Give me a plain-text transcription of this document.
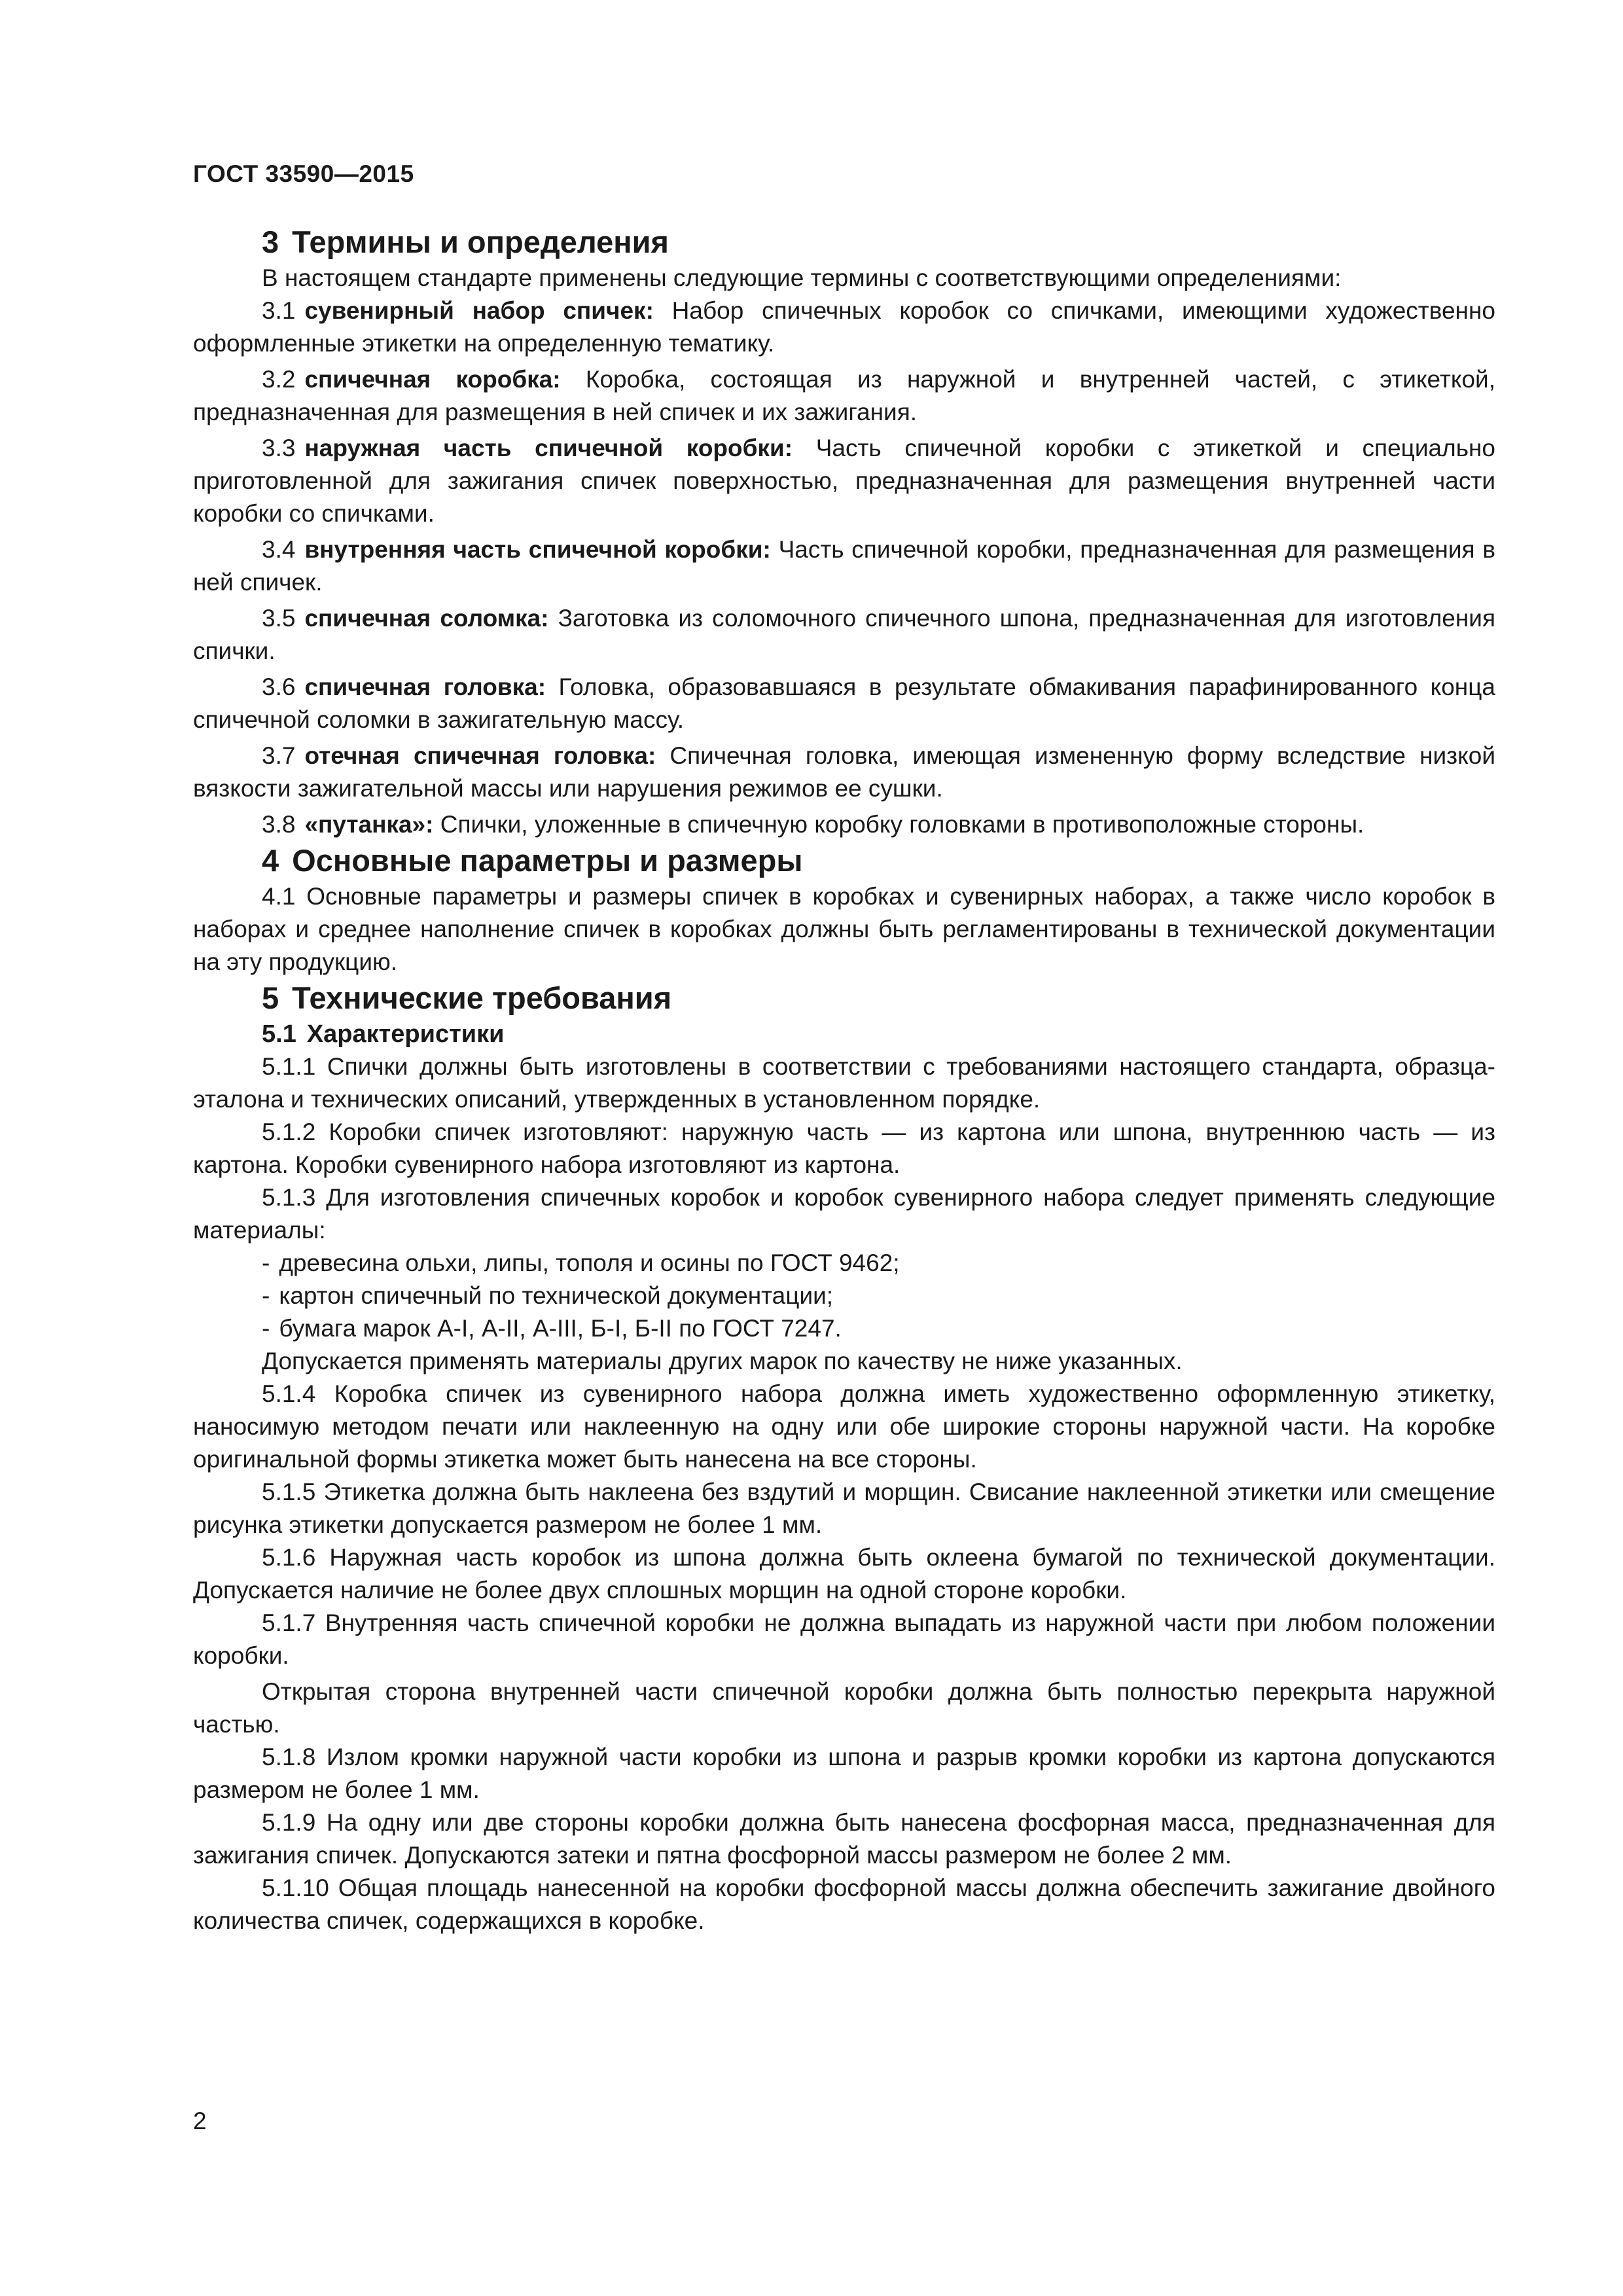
ГОСТ 33590—2015
3 Термины и определения

В настоящем стандарте применены следующие термины с соответствующими определениями:

3.1 сувенирный набор спичек: Набор спичечных коробок со спичками, имеющими художественно оформленные этикетки на определенную тематику.

3.2 спичечная коробка: Коробка, состоящая из наружной и внутренней частей, с этикеткой, предназначенная для размещения в ней спичек и их зажигания.

3.3 наружная часть спичечной коробки: Часть спичечной коробки с этикеткой и специально приготовленной для зажигания спичек поверхностью, предназначенная для размещения внутренней части коробки со спичками.

3.4 внутренняя часть спичечной коробки: Часть спичечной коробки, предназначенная для размещения в ней спичек.

3.5 спичечная соломка: Заготовка из соломочного спичечного шпона, предназначенная для изготовления спички.

3.6 спичечная головка: Головка, образовавшаяся в результате обмакивания парафинированного конца спичечной соломки в зажигательную массу.

3.7 отечная спичечная головка: Спичечная головка, имеющая измененную форму вследствие низкой вязкости зажигательной массы или нарушения режимов ее сушки.

3.8 «путанка»: Спички, уложенные в спичечную коробку головками в противоположные стороны.

4 Основные параметры и размеры

4.1 Основные параметры и размеры спичек в коробках и сувенирных наборах, а также число коробок в наборах и среднее наполнение спичек в коробках должны быть регламентированы в технической документации на эту продукцию.

5 Технические требования
5.1 Характеристики

5.1.1 Спички должны быть изготовлены в соответствии с требованиями настоящего стандарта, образца-эталона и технических описаний, утвержденных в установленном порядке.

5.1.2 Коробки спичек изготовляют: наружную часть — из картона или шпона, внутреннюю часть — из картона. Коробки сувенирного набора изготовляют из картона.

5.1.3 Для изготовления спичечных коробок и коробок сувенирного набора следует применять следующие материалы:

- древесина ольхи, липы, тополя и осины по ГОСТ 9462;
- картон спичечный по технической документации;
- бумага марок А-I, А-II, А-III, Б-I, Б-II по ГОСТ 7247.

Допускается применять материалы других марок по качеству не ниже указанных.

5.1.4 Коробка спичек из сувенирного набора должна иметь художественно оформленную этикетку, наносимую методом печати или наклеенную на одну или обе широкие стороны наружной части. На коробке оригинальной формы этикетка может быть нанесена на все стороны.

5.1.5 Этикетка должна быть наклеена без вздутий и морщин. Свисание наклеенной этикетки или смещение рисунка этикетки допускается размером не более 1 мм.

5.1.6 Наружная часть коробок из шпона должна быть оклеена бумагой по технической документации. Допускается наличие не более двух сплошных морщин на одной стороне коробки.

5.1.7 Внутренняя часть спичечной коробки не должна выпадать из наружной части при любом положении коробки.

Открытая сторона внутренней части спичечной коробки должна быть полностью перекрыта наружной частью.

5.1.8 Излом кромки наружной части коробки из шпона и разрыв кромки коробки из картона допускаются размером не более 1 мм.

5.1.9 На одну или две стороны коробки должна быть нанесена фосфорная масса, предназначенная для зажигания спичек. Допускаются затеки и пятна фосфорной массы размером не более 2 мм.

5.1.10 Общая площадь нанесенной на коробки фосфорной массы должна обеспечить зажигание двойного количества спичек, содержащихся в коробке.

2
